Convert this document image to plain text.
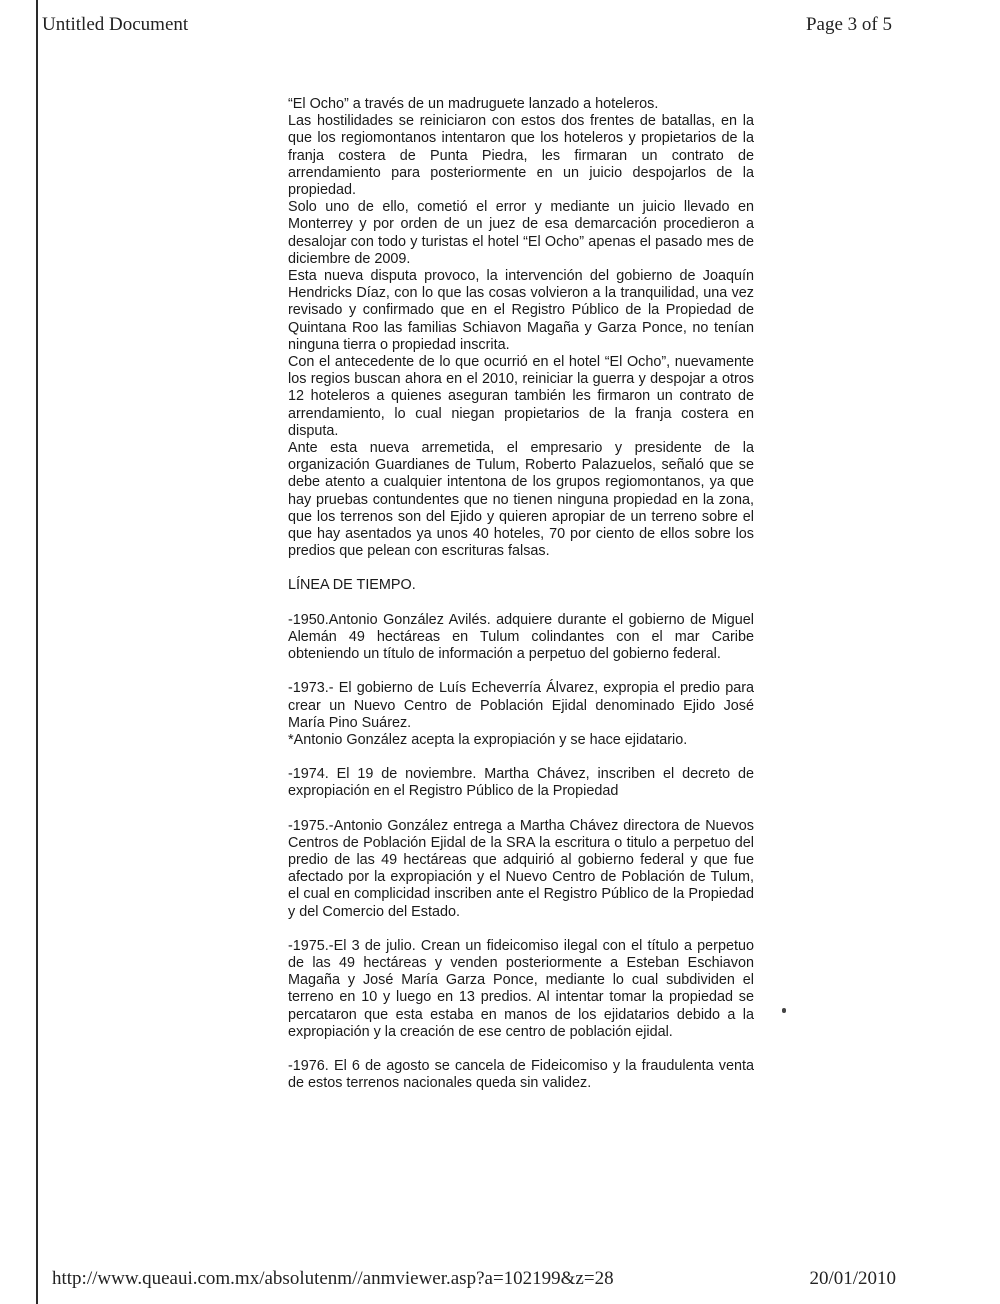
Untitled Document	Page 3 of 5

“El Ocho” a través de un madruguete lanzado a hoteleros.

Las hostilidades se reiniciaron con estos dos frentes de batallas, en la que los regiomontanos intentaron que los hoteleros y propietarios de la franja costera de Punta Piedra, les firmaran un contrato de arrendamiento para posteriormente en un juicio despojarlos de la propiedad.

Solo uno de ello, cometió el error y mediante un juicio llevado en Monterrey y por orden de un juez de esa demarcación procedieron a desalojar con todo y turistas el hotel “El Ocho” apenas el pasado mes de diciembre de 2009.

Esta nueva disputa provoco, la intervención del gobierno de Joaquín Hendricks Díaz, con lo que las cosas volvieron a la tranquilidad, una vez revisado y confirmado que en el Registro Público de la Propiedad de Quintana Roo las familias Schiavon Magaña y Garza Ponce, no tenían ninguna tierra o propiedad inscrita.

Con el antecedente de lo que ocurrió en el hotel “El Ocho”, nuevamente los regios buscan ahora en el 2010, reiniciar la guerra y despojar a otros 12 hoteleros a quienes aseguran también les firmaron un contrato de arrendamiento, lo cual niegan propietarios de la franja costera en disputa.

Ante esta nueva arremetida, el empresario y presidente de la organización Guardianes de Tulum, Roberto Palazuelos, señaló que se debe atento a cualquier intentona de los grupos regiomontanos, ya que hay pruebas contundentes que no tienen ninguna propiedad en la zona, que los terrenos son del Ejido y quieren apropiar de un terreno sobre el que hay asentados ya unos 40 hoteles, 70 por ciento de ellos sobre los predios que pelean con escrituras falsas.

LÍNEA DE TIEMPO.

-1950.Antonio González Avilés. adquiere durante el gobierno de Miguel Alemán 49 hectáreas en Tulum colindantes con el mar Caribe obteniendo un título de información a perpetuo del gobierno federal.

-1973.- El gobierno de Luís Echeverría Álvarez, expropia el predio para crear un Nuevo Centro de Población Ejidal denominado Ejido José María Pino Suárez.

*Antonio González acepta la expropiación y se hace ejidatario.

-1974. El 19 de noviembre. Martha Chávez, inscriben el decreto de expropiación en el Registro Público de la Propiedad

-1975.-Antonio González entrega a Martha Chávez directora de Nuevos Centros de Población Ejidal de la SRA la escritura o titulo a perpetuo del predio de las 49 hectáreas que adquirió al gobierno federal y que fue afectado por la expropiación y el Nuevo Centro de Población de Tulum, el cual en complicidad inscriben ante el Registro Público de la Propiedad y del Comercio del Estado.

-1975.-El 3 de julio. Crean un fideicomiso ilegal con el título a perpetuo de las 49 hectáreas y venden posteriormente a Esteban Eschiavon Magaña y José María Garza Ponce, mediante lo cual subdividen el terreno en 10 y luego en 13 predios. Al intentar tomar la propiedad se percataron que esta estaba en manos de los ejidatarios debido a la expropiación y la creación de ese centro de población ejidal.

-1976. El 6 de agosto se cancela de Fideicomiso y la fraudulenta venta de estos terrenos nacionales queda sin validez.

http://www.queaui.com.mx/absolutenm//anmviewer.asp?a=102199&z=28	20/01/2010
